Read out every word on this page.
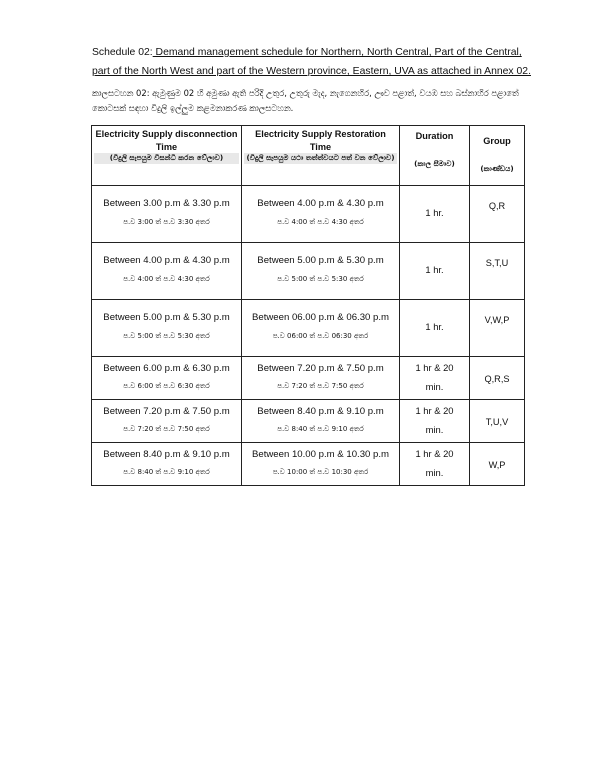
Schedule 02: Demand management schedule for Northern, North Central, Part of the Central, part of the North West and part of the Western province, Eastern, UVA as attached in Annex 02.
කාලසටහන 02: ඇමුණුම 02 හි අමුණා ඇති පරිදි උතුර, උතුරු මැද, නැගෙනහිර, ඌව පළාත්, වයඹ සහ බස්නාහිර පළාතේ කොටසක් සඳහා විදුලි ඉල්ලුම කළමනාකරණ කාලසටහන.
Electricity Supply disconnection Time
(විදුලි සැපයුම විසන්ධි කරන වේලාව)	Electricity Supply Restoration Time
(විදුලි සැපයුම යථා තත්ත්වයට පත් වන වේලාව)	Duration
(කාල සීමාව)	Group
(කාණ්ඩය)

Between 3.00 p.m & 3.30 p.m
ප.ව 3:00 ත් ප.ව 3:30 අතර	Between 4.00 p.m & 4.30 p.m
ප.ව 4:00 ත් ප.ව 4:30 අතර	1 hr.	Q,R

Between 4.00 p.m & 4.30 p.m
ප.ව 4:00 ත් ප.ව 4:30 අතර	Between 5.00 p.m & 5.30 p.m
ප.ව 5:00 ත් ප.ව 5:30 අතර	1 hr.	S,T,U

Between 5.00 p.m & 5.30 p.m
ප.ව 5:00 ත් ප.ව 5:30 අතර	Between 06.00 p.m & 06.30 p.m
ප.ව 06:00 ත් ප.ව 06:30 අතර	1 hr.	V,W,P

Between 6.00 p.m & 6.30 p.m
ප.ව 6:00 ත් ප.ව 6:30 අතර	Between 7.20 p.m & 7.50 p.m
ප.ව 7:20 ත් ප.ව 7:50 අතර	1 hr & 20
min.	Q,R,S

Between 7.20 p.m & 7.50 p.m
ප.ව 7:20 ත් ප.ව 7:50 අතර	Between 8.40 p.m & 9.10 p.m
ප.ව 8:40 ත් ප.ව 9:10 අතර	1 hr & 20
min.	T,U,V

Between 8.40 p.m & 9.10 p.m
ප.ව 8:40 ත් ප.ව 9:10 අතර	Between 10.00 p.m & 10.30 p.m
ප.ව 10:00 ත් ප.ව 10:30 අතර	1 hr & 20
min.	W,P
